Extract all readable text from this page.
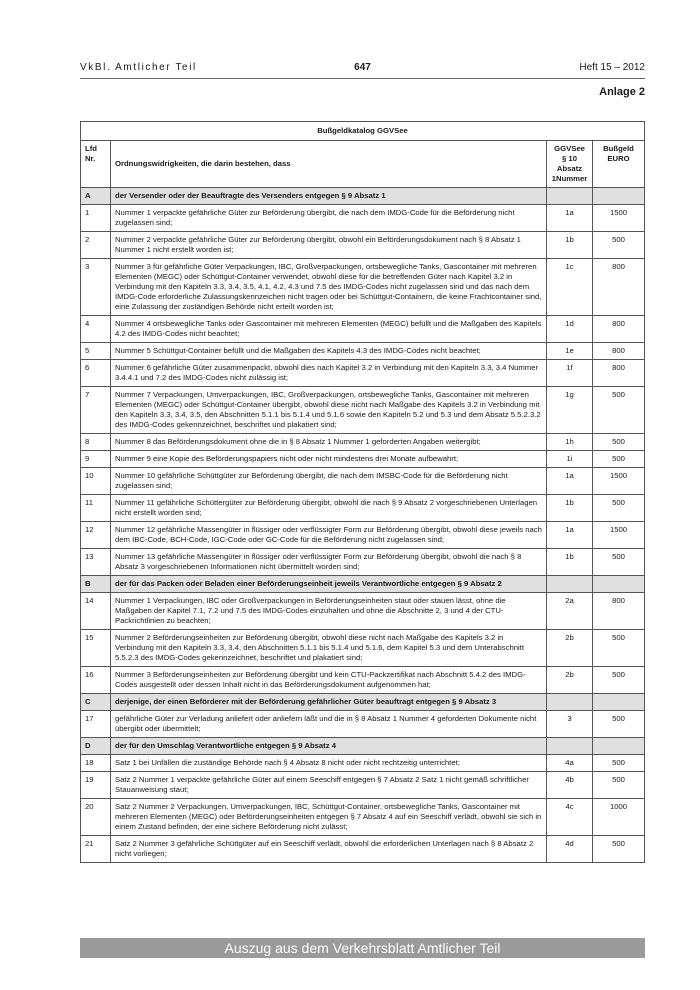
647
VkBl. Amtlicher Teil	Heft 15 – 2012
Anlage 2
Bußgeldkatalog GGVSee			
Lfd Nr.	Ordnungswidrigkeiten, die darin bestehen, dass	GGVSee § 10 Absatz 1Nummer	Bußgeld EURO
A	der Versender oder der Beauftragte des Versenders entgegen § 9 Absatz 1		
1	Nummer 1 verpackte gefährliche Güter zur Beförderung übergibt, die nach dem IMDG-Code für die Beförderung nicht zugelassen sind;	1a	1500
2	Nummer 2 verpackte gefährliche Güter zur Beförderung übergibt, obwohl ein Beförderungsdokument nach § 8 Absatz 1 Nummer 1 nicht erstellt worden ist;	1b	500
3	Nummer 3 für gefährliche Güter Verpackungen, IBC, Großverpackungen, ortsbewegliche Tanks, Gascontainer mit mehreren Elementen (MEGC) oder Schüttgut-Container verwendet, obwohl diese für die betreffenden Güter nach Kapitel 3.2 in Verbindung mit den Kapiteln 3.3, 3.4, 3.5, 4.1, 4.2, 4.3 und 7.5 des IMDG-Codes nicht zugelassen sind und das nach dem IMDG-Code erforderliche Zulassungskennzeichen nicht tragen oder bei Schüttgut-Containern, die keine Frachtcontainer sind, eine Zulassung der zuständigen Behörde nicht erteilt worden ist;	1c	800
4	Nummer 4 ortsbewegliche Tanks oder Gascontainer mit mehreren Elementen (MEGC) befüllt und die Maßgaben des Kapitels 4.2 des IMDG-Codes nicht beachtet;	1d	800
5	Nummer 5 Schüttgut-Container befüllt und die Maßgaben des Kapitels 4.3 des IMDG-Codes nicht beachtet;	1e	800
6	Nummer 6 gefährliche Güter zusammenpackt, obwohl dies nach Kapitel 3.2 in Verbindung mit den Kapiteln 3.3, 3.4 Nummer 3.4.4.1 und 7.2 des IMDG-Codes nicht zulässig ist;	1f	800
7	Nummer 7 Verpackungen, Umverpackungen, IBC, Großverpackungen, ortsbewegliche Tanks, Gascontainer mit mehreren Elementen (MEGC) oder Schüttgut-Container übergibt, obwohl diese nicht nach Maßgabe des Kapitels 3.2 in Verbindung mit den Kapiteln 3.3, 3.4, 3.5, den Abschnitten 5.1.1 bis 5.1.4 und 5.1.6 sowie den Kapiteln 5.2 und 5.3 und dem Absatz 5.5.2.3.2 des IMDG-Codes gekennzeichnet, beschriftet und plakatiert sind;	1g	500
8	Nummer 8 das Beförderungsdokument ohne die in § 8 Absatz 1 Nummer 1 geforderten Angaben weitergibt;	1h	500
9	Nummer 9 eine Kopie des Beförderungspapiers nicht oder nicht mindestens drei Monate aufbewahrt;	1i	500
10	Nummer 10 gefährliche Schüttgüter zur Beförderung übergibt, die nach dem IMSBC-Code für die Beförderung nicht zugelassen sind;	1a	1500
11	Nummer 11 gefährliche Schüttergüter zur Beförderung übergibt, obwohl die nach § 9 Absatz 2 vorgeschriebenen Unterlagen nicht erstellt worden sind;	1b	500
12	Nummer 12 gefährliche Massengüter in flüssiger oder verflüssigter Form zur Beförderung übergibt, obwohl diese jeweils nach dem IBC-Code, BCH-Code, IGC-Code oder GC-Code für die Beförderung nicht zugelassen sind;	1a	1500
13	Nummer 13 gefährliche Massengüter in flüssiger oder verflüssigter Form zur Beförderung übergibt, obwohl die nach § 8 Absatz 3 vorgeschriebenen Informationen nicht übermittelt worden sind;	1b	500
B	der für das Packen oder Beladen einer Beförderungseinheit jeweils Verantwortliche entgegen § 9 Absatz 2		
14	Nummer 1 Verpackungen, IBC oder Großverpackungen in Beförderungseinheiten staut oder stauen lässt, ohne die Maßgaben der Kapitel 7.1, 7.2 und 7.5 des IMDG-Codes einzuhalten und ohne die Abschnitte 2, 3 und 4 der CTU-Packrichtlinien zu beachten;	2a	800
15	Nummer 2 Beförderungseinheiten zur Beförderung übergibt, obwohl diese nicht nach Maßgabe des Kapitels 3.2 in Verbindung mit den Kapiteln 3.3, 3.4, den Abschnitten 5.1.1 bis 5.1.4 und 5.1.6, dem Kapitel 5.3 und dem Unterabschnitt 5.5.2.3 des IMDG-Codes gekennzeichnet, beschriftet und plakatiert sind;	2b	500
16	Nummer 3 Beförderungseinheiten zur Beförderung übergibt und kein CTU-Packzertifikat nach Abschnitt 5.4.2 des IMDG-Codes ausgestellt oder dessen Inhalt nicht in das Beförderungsdokument aufgenommen hat;	2b	500
C	derjenige, der einen Beförderer mit der Beförderung gefährlicher Güter beauftragt entgegen § 9 Absatz 3		
17	gefährliche Güter zur Verladung anliefert oder anliefern läßt und die in § 8 Absatz 1 Nummer 4 geforderten Dokumente nicht übergibt oder übermittelt;	3	500
D	der für den Umschlag Verantwortliche entgegen § 9 Absatz 4		
18	Satz 1 bei Unfällen die zuständige Behörde nach § 4 Absatz 8 nicht oder nicht rechtzeitig unterrichtet;	4a	500
19	Satz 2 Nummer 1 verpackte gefährliche Güter auf einem Seeschiff entgegen § 7 Absatz 2 Satz 1 nicht gemäß schriftlicher Stauanweisung staut;	4b	500
20	Satz 2 Nummer 2 Verpackungen, Umverpackungen, IBC, Schüttgut-Container, ortsbewegliche Tanks, Gascontainer mit mehreren Elementen (MEGC) oder Beförderungseinheiten entgegen § 7 Absatz 4 auf ein Seeschiff verlädt, obwohl sie sich in einem Zustand befinden, der eine sichere Beförderung nicht zulässt;	4c	1000
21	Satz 2 Nummer 3 gefährliche Schüttgüter auf ein Seeschiff verlädt, obwohl die erforderlichen Unterlagen nach § 8 Absatz 2 nicht vorliegen;	4d	500
Auszug aus dem Verkehrsblatt Amtlicher Teil
